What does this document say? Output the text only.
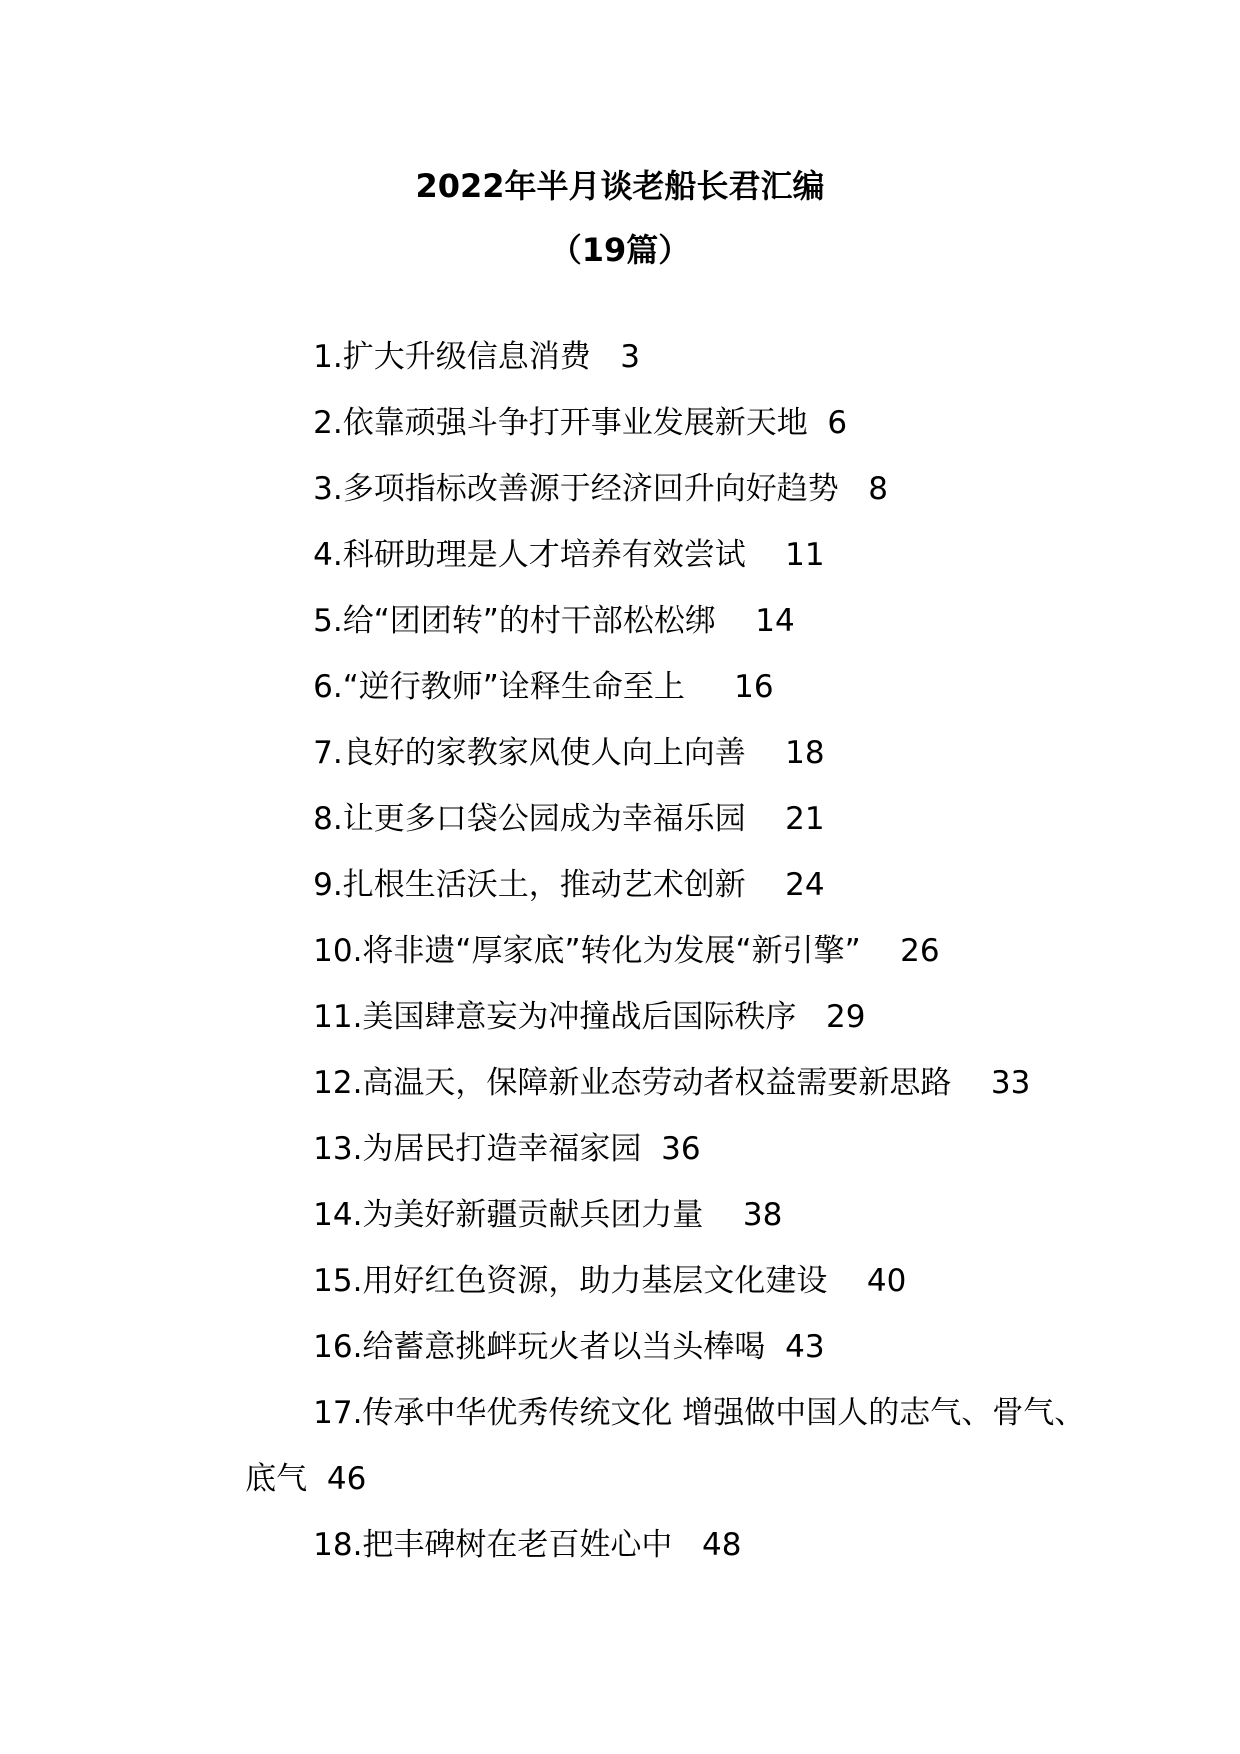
2022年半月谈老船长君汇编
（19篇）

1.扩大升级信息消费 3

2.依靠顽强斗争打开事业发展新天地 6

3.多项指标改善源于经济回升向好趋势 8

4.科研助理是人才培养有效尝试 11

5.给“团团转”的村干部松松绑 14

6.“逆行教师”诠释生命至上 16

7.良好的家教家风使人向上向善 18

8.让更多口袋公园成为幸福乐园 21

9.扎根生活沃土，推动艺术创新 24

10.将非遗“厚家底”转化为发展“新引擎” 26

11.美国肆意妄为冲撞战后国际秩序 29

12.高温天，保障新业态劳动者权益需要新思路 33

13.为居民打造幸福家园 36

14.为美好新疆贡献兵团力量 38

15.用好红色资源，助力基层文化建设 40

16.给蓄意挑衅玩火者以当头棒喝 43

17.传承中华优秀传统文化 增强做中国人的志气、骨气、

底气 46

18.把丰碑树在老百姓心中 48
